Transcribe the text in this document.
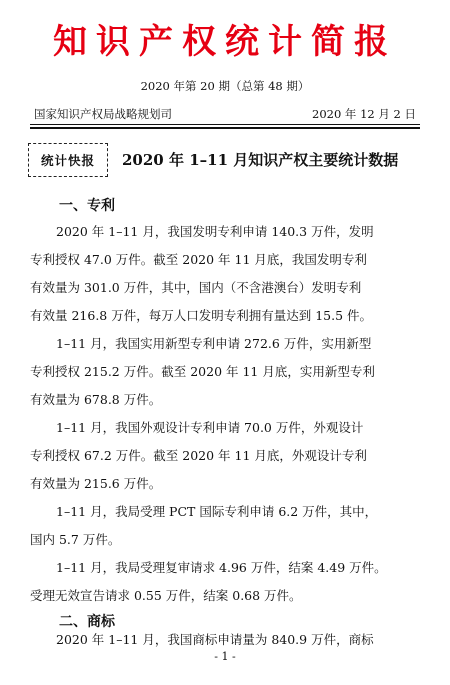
知识产权统计简报
2020 年第 20 期（总第 48 期）
国家知识产权局战略规划司	2020 年 12 月 2 日
统计快报	2020 年 1–11 月知识产权主要统计数据
一、专利
2020 年 1–11 月，我国发明专利申请 140.3 万件，发明
专利授权 47.0 万件。截至 2020 年 11 月底，我国发明专利
有效量为 301.0 万件，其中，国内（不含港澳台）发明专利
有效量 216.8 万件，每万人口发明专利拥有量达到 15.5 件。
1–11 月，我国实用新型专利申请 272.6 万件，实用新型
专利授权 215.2 万件。截至 2020 年 11 月底，实用新型专利
有效量为 678.8 万件。
1–11 月，我国外观设计专利申请 70.0 万件，外观设计
专利授权 67.2 万件。截至 2020 年 11 月底，外观设计专利
有效量为 215.6 万件。
1–11 月，我局受理 PCT 国际专利申请 6.2 万件，其中，
国内 5.7 万件。
1–11 月，我局受理复审请求 4.96 万件，结案 4.49 万件。
受理无效宣告请求 0.55 万件，结案 0.68 万件。
二、商标
2020 年 1–11 月，我国商标申请量为 840.9 万件，商标
- 1 -
